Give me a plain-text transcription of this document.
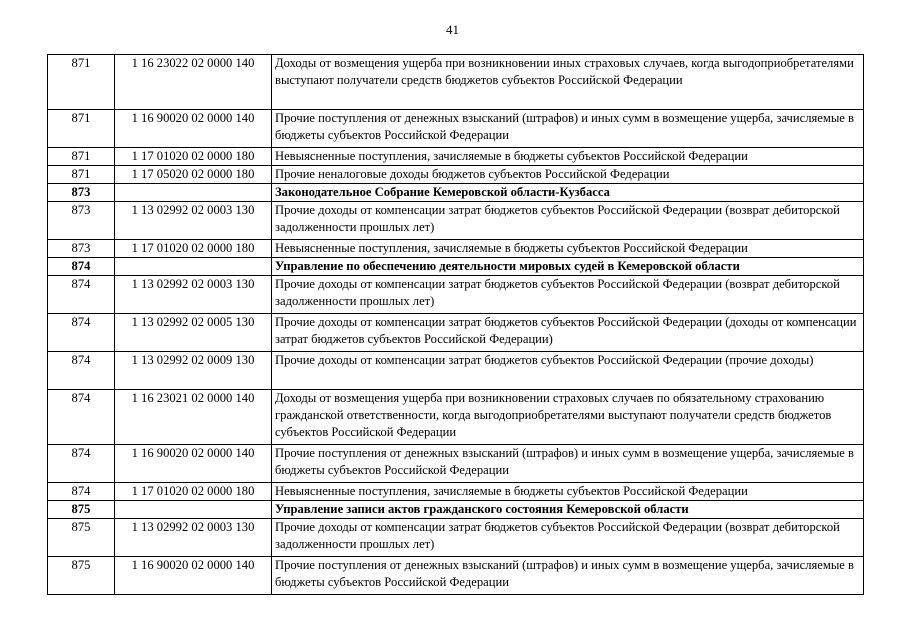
41
871	1 16 23022 02 0000 140	Доходы от возмещения ущерба при возникновении иных страховых случаев, когда выгодоприобретателями выступают получатели средств бюджетов субъектов Российской Федерации
871	1 16 90020 02 0000 140	Прочие поступления от денежных взысканий (штрафов) и иных сумм в возмещение ущерба, зачисляемые в бюджеты субъектов Российской Федерации
871	1 17 01020 02 0000 180	Невыясненные поступления, зачисляемые в бюджеты субъектов Российской Федерации
871	1 17 05020 02 0000 180	Прочие неналоговые доходы бюджетов субъектов Российской Федерации
873		Законодательное Собрание Кемеровской области-Кузбасса
873	1 13 02992 02 0003 130	Прочие доходы от компенсации затрат бюджетов субъектов Российской Федерации (возврат дебиторской задолженности прошлых лет)
873	1 17 01020 02 0000 180	Невыясненные поступления, зачисляемые в бюджеты субъектов Российской Федерации
874		Управление по обеспечению деятельности мировых судей в Кемеровской области
874	1 13 02992 02 0003 130	Прочие доходы от компенсации затрат бюджетов субъектов Российской Федерации (возврат дебиторской задолженности прошлых лет)
874	1 13 02992 02 0005 130	Прочие доходы от компенсации затрат бюджетов субъектов Российской Федерации (доходы от компенсации затрат бюджетов субъектов Российской Федерации)
874	1 13 02992 02 0009 130	Прочие доходы от компенсации затрат бюджетов субъектов Российской Федерации (прочие доходы)
874	1 16 23021 02 0000 140	Доходы от возмещения ущерба при возникновении страховых случаев по обязательному страхованию гражданской ответственности, когда выгодоприобретателями выступают получатели средств бюджетов субъектов Российской Федерации
874	1 16 90020 02 0000 140	Прочие поступления от денежных взысканий (штрафов) и иных сумм в возмещение ущерба, зачисляемые в бюджеты субъектов Российской Федерации
874	1 17 01020 02 0000 180	Невыясненные поступления, зачисляемые в бюджеты субъектов Российской Федерации
875		Управление записи актов гражданского состояния Кемеровской области
875	1 13 02992 02 0003 130	Прочие доходы от компенсации затрат бюджетов субъектов Российской Федерации (возврат дебиторской задолженности прошлых лет)
875	1 16 90020 02 0000 140	Прочие поступления от денежных взысканий (штрафов) и иных сумм в возмещение ущерба, зачисляемые в бюджеты субъектов Российской Федерации
